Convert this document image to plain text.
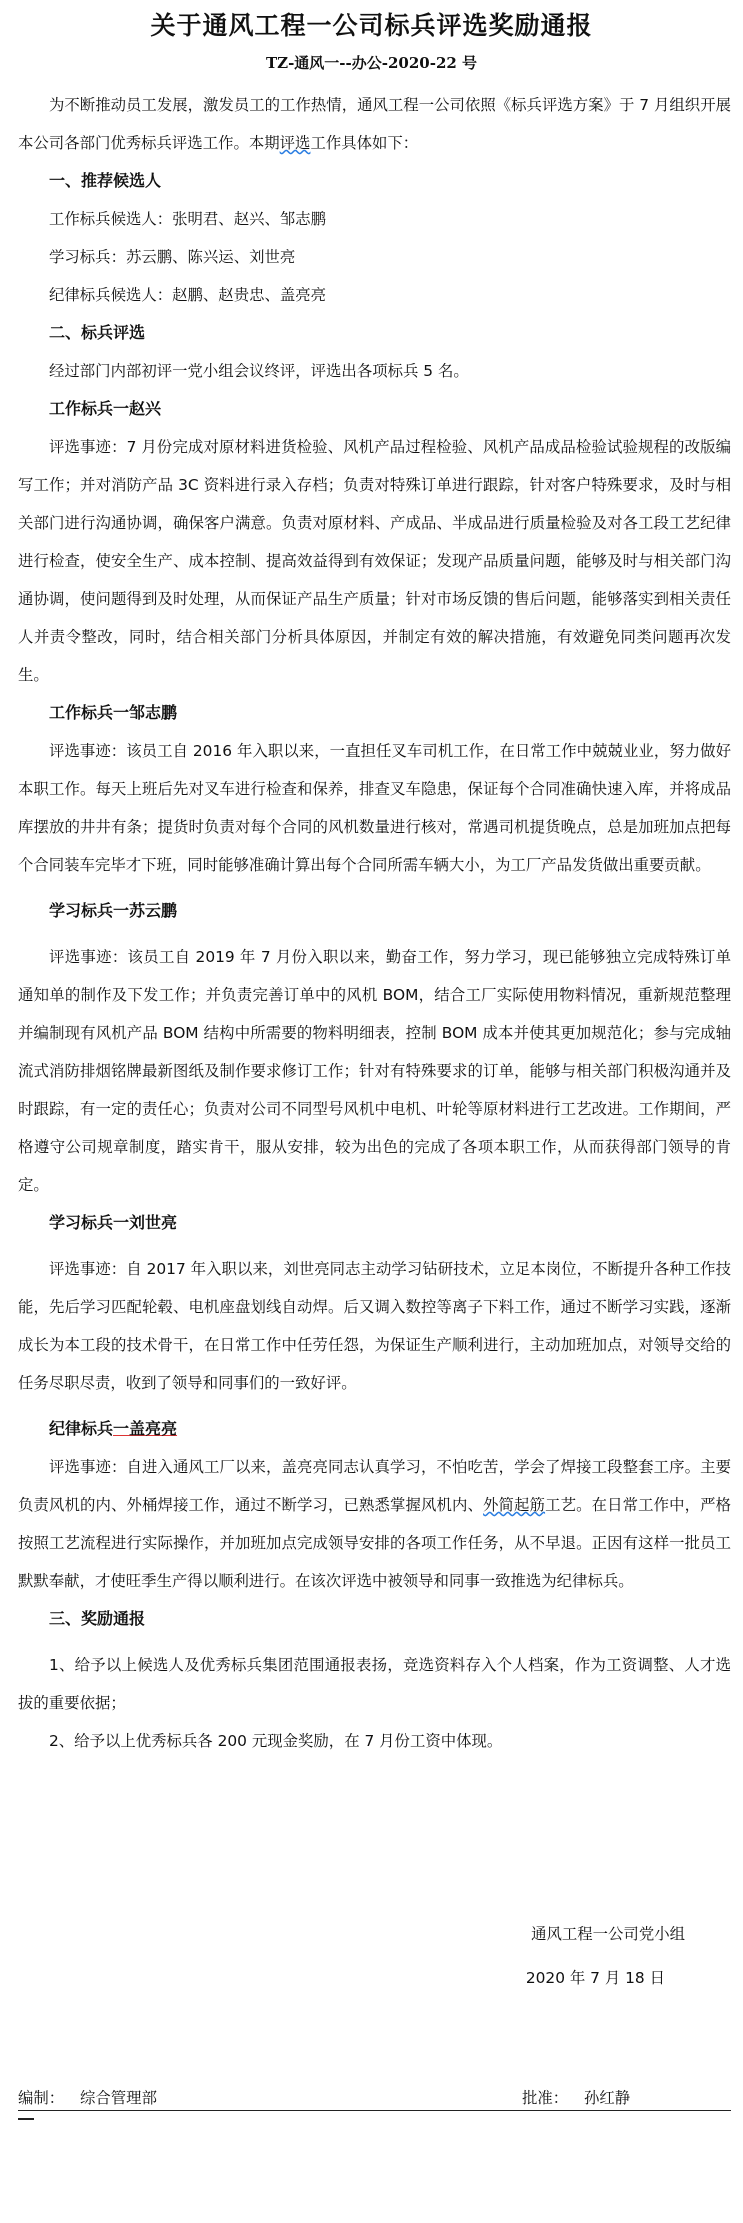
关于通风工程一公司标兵评选奖励通报
TZ-通风一--办公-2020-22 号

为不断推动员工发展，激发员工的工作热情，通风工程一公司依照《标兵评选方案》于 7 月组织开展本公司各部门优秀标兵评选工作。本期评选工作具体如下：

一、推荐候选人

工作标兵候选人：张明君、赵兴、邹志鹏

学习标兵：苏云鹏、陈兴运、刘世亮

纪律标兵候选人：赵鹏、赵贵忠、盖亮亮

二、标兵评选

经过部门内部初评一党小组会议终评，评选出各项标兵 5 名。

工作标兵一赵兴

评选事迹：7 月份完成对原材料进货检验、风机产品过程检验、风机产品成品检验试验规程的改版编写工作；并对消防产品 3C 资料进行录入存档；负责对特殊订单进行跟踪，针对客户特殊要求，及时与相关部门进行沟通协调，确保客户满意。负责对原材料、产成品、半成品进行质量检验及对各工段工艺纪律进行检查，使安全生产、成本控制、提高效益得到有效保证；发现产品质量问题，能够及时与相关部门沟通协调，使问题得到及时处理，从而保证产品生产质量；针对市场反馈的售后问题，能够落实到相关责任人并责令整改，同时，结合相关部门分析具体原因，并制定有效的解决措施，有效避免同类问题再次发生。

工作标兵一邹志鹏

评选事迹：该员工自 2016 年入职以来，一直担任叉车司机工作，在日常工作中兢兢业业，努力做好本职工作。每天上班后先对叉车进行检查和保养，排查叉车隐患，保证每个合同准确快速入库，并将成品库摆放的井井有条；提货时负责对每个合同的风机数量进行核对，常遇司机提货晚点，总是加班加点把每个合同装车完毕才下班，同时能够准确计算出每个合同所需车辆大小，为工厂产品发货做出重要贡献。

学习标兵一苏云鹏

评选事迹：该员工自 2019 年 7 月份入职以来，勤奋工作，努力学习，现已能够独立完成特殊订单通知单的制作及下发工作；并负责完善订单中的风机 BOM，结合工厂实际使用物料情况，重新规范整理并编制现有风机产品 BOM 结构中所需要的物料明细表，控制 BOM 成本并使其更加规范化；参与完成轴流式消防排烟铭牌最新图纸及制作要求修订工作；针对有特殊要求的订单，能够与相关部门积极沟通并及时跟踪，有一定的责任心；负责对公司不同型号风机中电机、叶轮等原材料进行工艺改进。工作期间，严格遵守公司规章制度，踏实肯干，服从安排，较为出色的完成了各项本职工作，从而获得部门领导的肯定。

学习标兵一刘世亮

评选事迹：自 2017 年入职以来，刘世亮同志主动学习钻研技术，立足本岗位，不断提升各种工作技能，先后学习匹配轮毂、电机座盘划线自动焊。后又调入数控等离子下料工作，通过不断学习实践，逐渐成长为本工段的技术骨干，在日常工作中任劳任怨，为保证生产顺利进行，主动加班加点，对领导交给的任务尽职尽责，收到了领导和同事们的一致好评。

纪律标兵一盖亮亮

评选事迹：自进入通风工厂以来，盖亮亮同志认真学习，不怕吃苦，学会了焊接工段整套工序。主要负责风机的内、外桶焊接工作，通过不断学习，已熟悉掌握风机内、外简起筋工艺。在日常工作中，严格按照工艺流程进行实际操作，并加班加点完成领导安排的各项工作任务，从不早退。正因有这样一批员工默默奉献，才使旺季生产得以顺利进行。在该次评选中被领导和同事一致推选为纪律标兵。

三、奖励通报

1、给予以上候选人及优秀标兵集团范围通报表扬，竞选资料存入个人档案，作为工资调整、人才选拔的重要依据；

2、给予以上优秀标兵各 200 元现金奖励，在 7 月份工资中体现。

通风工程一公司党小组
2020 年 7 月 18 日
编制： 综合管理部	批准： 孙红静
